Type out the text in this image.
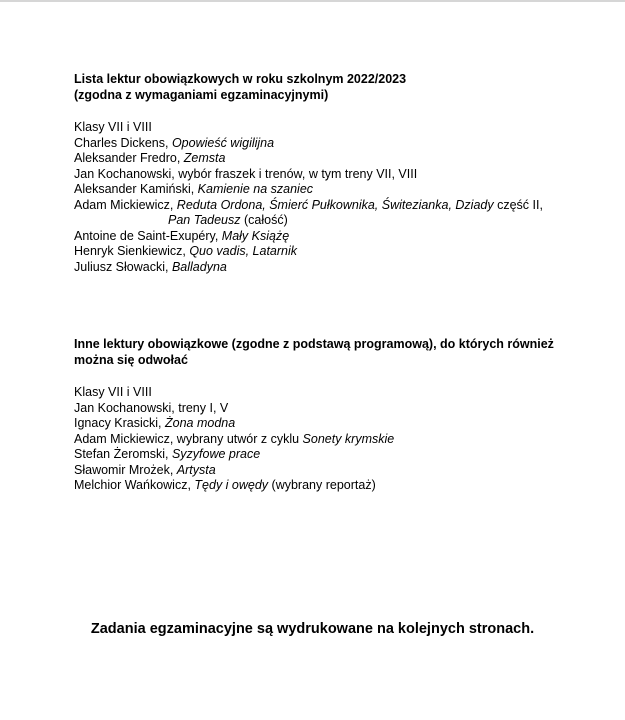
Lista lektur obowiązkowych w roku szkolnym 2022/2023
(zgodna z wymaganiami egzaminacyjnymi)
Klasy VII i VIII
Charles Dickens, Opowieść wigilijna
Aleksander Fredro, Zemsta
Jan Kochanowski, wybór fraszek i trenów, w tym treny VII, VIII
Aleksander Kamiński, Kamienie na szaniec
Adam Mickiewicz, Reduta Ordona, Śmierć Pułkownika, Świtezianka, Dziady część II,
Pan Tadeusz (całość)
Antoine de Saint-Exupéry, Mały Książę
Henryk Sienkiewicz, Quo vadis, Latarnik
Juliusz Słowacki, Balladyna
Inne lektury obowiązkowe (zgodne z podstawą programową), do których również
można się odwołać
Klasy VII i VIII
Jan Kochanowski, treny I, V
Ignacy Krasicki, Żona modna
Adam Mickiewicz, wybrany utwór z cyklu Sonety krymskie
Stefan Żeromski, Syzyfowe prace
Sławomir Mrożek, Artysta
Melchior Wańkowicz, Tędy i owędy (wybrany reportaż)
Zadania egzaminacyjne są wydrukowane na kolejnych stronach.
